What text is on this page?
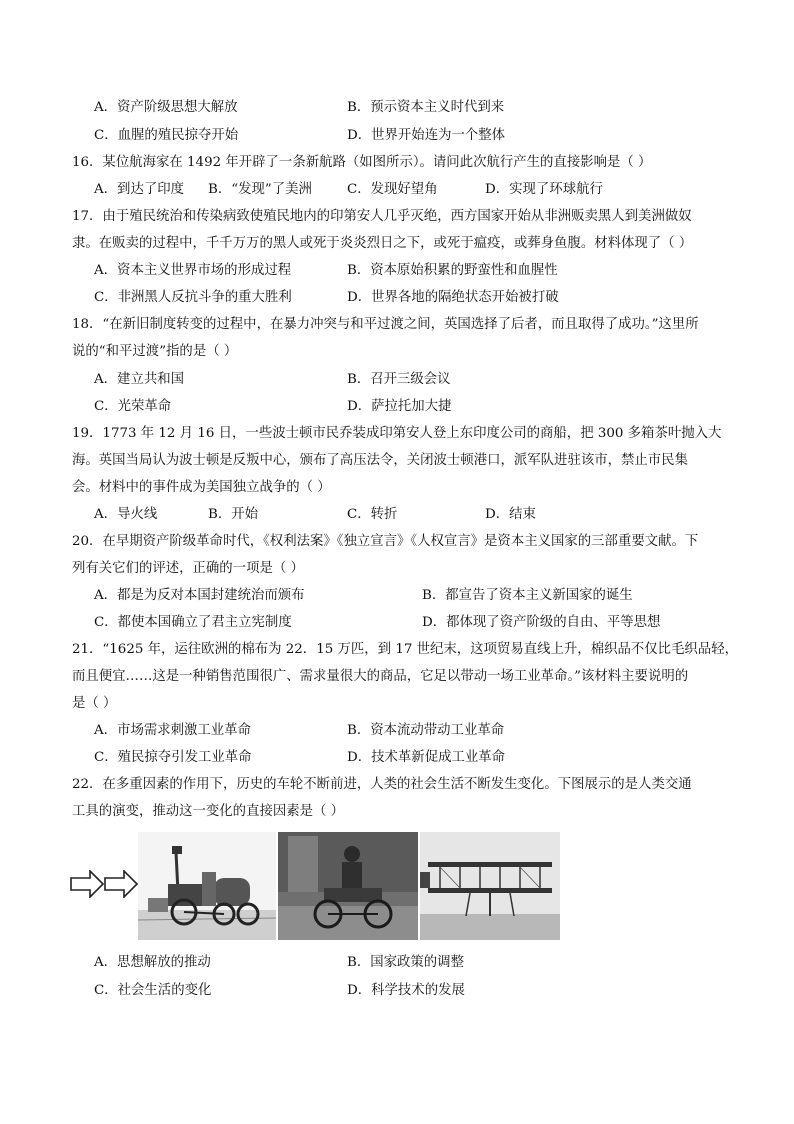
A．资产阶级思想大解放	B．预示资本主义时代到来
C．血腥的殖民掠夺开始	D．世界开始连为一个整体
16．某位航海家在 1492 年开辟了一条新航路（如图所示）。请问此次航行产生的直接影响是（ ）
A．到达了印度 B．“发现”了美洲	C．发现好望角	D．实现了环球航行
17．由于殖民统治和传染病致使殖民地内的印第安人几乎灭绝，西方国家开始从非洲贩卖黑人到美洲做奴
隶。在贩卖的过程中，千千万万的黑人或死于炎炎烈日之下，或死于瘟疫，或葬身鱼腹。材料体现了（ ）
A．资本主义世界市场的形成过程	B．资本原始积累的野蛮性和血腥性
C．非洲黑人反抗斗争的重大胜利	D．世界各地的隔绝状态开始被打破
18．“在新旧制度转变的过程中，在暴力冲突与和平过渡之间，英国选择了后者，而且取得了成功。”这里所
说的“和平过渡”指的是（ ）
A．建立共和国	B．召开三级会议
C．光荣革命	D．萨拉托加大捷
19．1773 年 12 月 16 日，一些波士顿市民乔装成印第安人登上东印度公司的商船，把 300 多箱茶叶抛入大
海。英国当局认为波士顿是反叛中心，颁布了高压法令，关闭波士顿港口，派军队进驻该市，禁止市民集
会。材料中的事件成为美国独立战争的（ ）
A．导火线	B．开始	C．转折	D．结束
20．在早期资产阶级革命时代，《权利法案》《独立宣言》《人权宣言》是资本主义国家的三部重要文献。下
列有关它们的评述，正确的一项是（ ）
A．都是为反对本国封建统治而颁布	B．都宣告了资本主义新国家的诞生
C．都使本国确立了君主立宪制度	D．都体现了资产阶级的自由、平等思想
21．“1625 年，运往欧洲的棉布为 22．15 万匹，到 17 世纪末，这项贸易直线上升，棉织品不仅比毛织品轻，
而且便宜……这是一种销售范围很广、需求量很大的商品，它足以带动一场工业革命。”该材料主要说明的
是（ ）
A．市场需求刺激工业革命	B．资本流动带动工业革命
C．殖民掠夺引发工业革命	D．技术革新促成工业革命
22．在多重因素的作用下，历史的车轮不断前进，人类的社会生活不断发生变化。下图展示的是人类交通
工具的演变，推动这一变化的直接因素是（ ）
A．思想解放的推动	B．国家政策的调整
C．社会生活的变化	D．科学技术的发展
